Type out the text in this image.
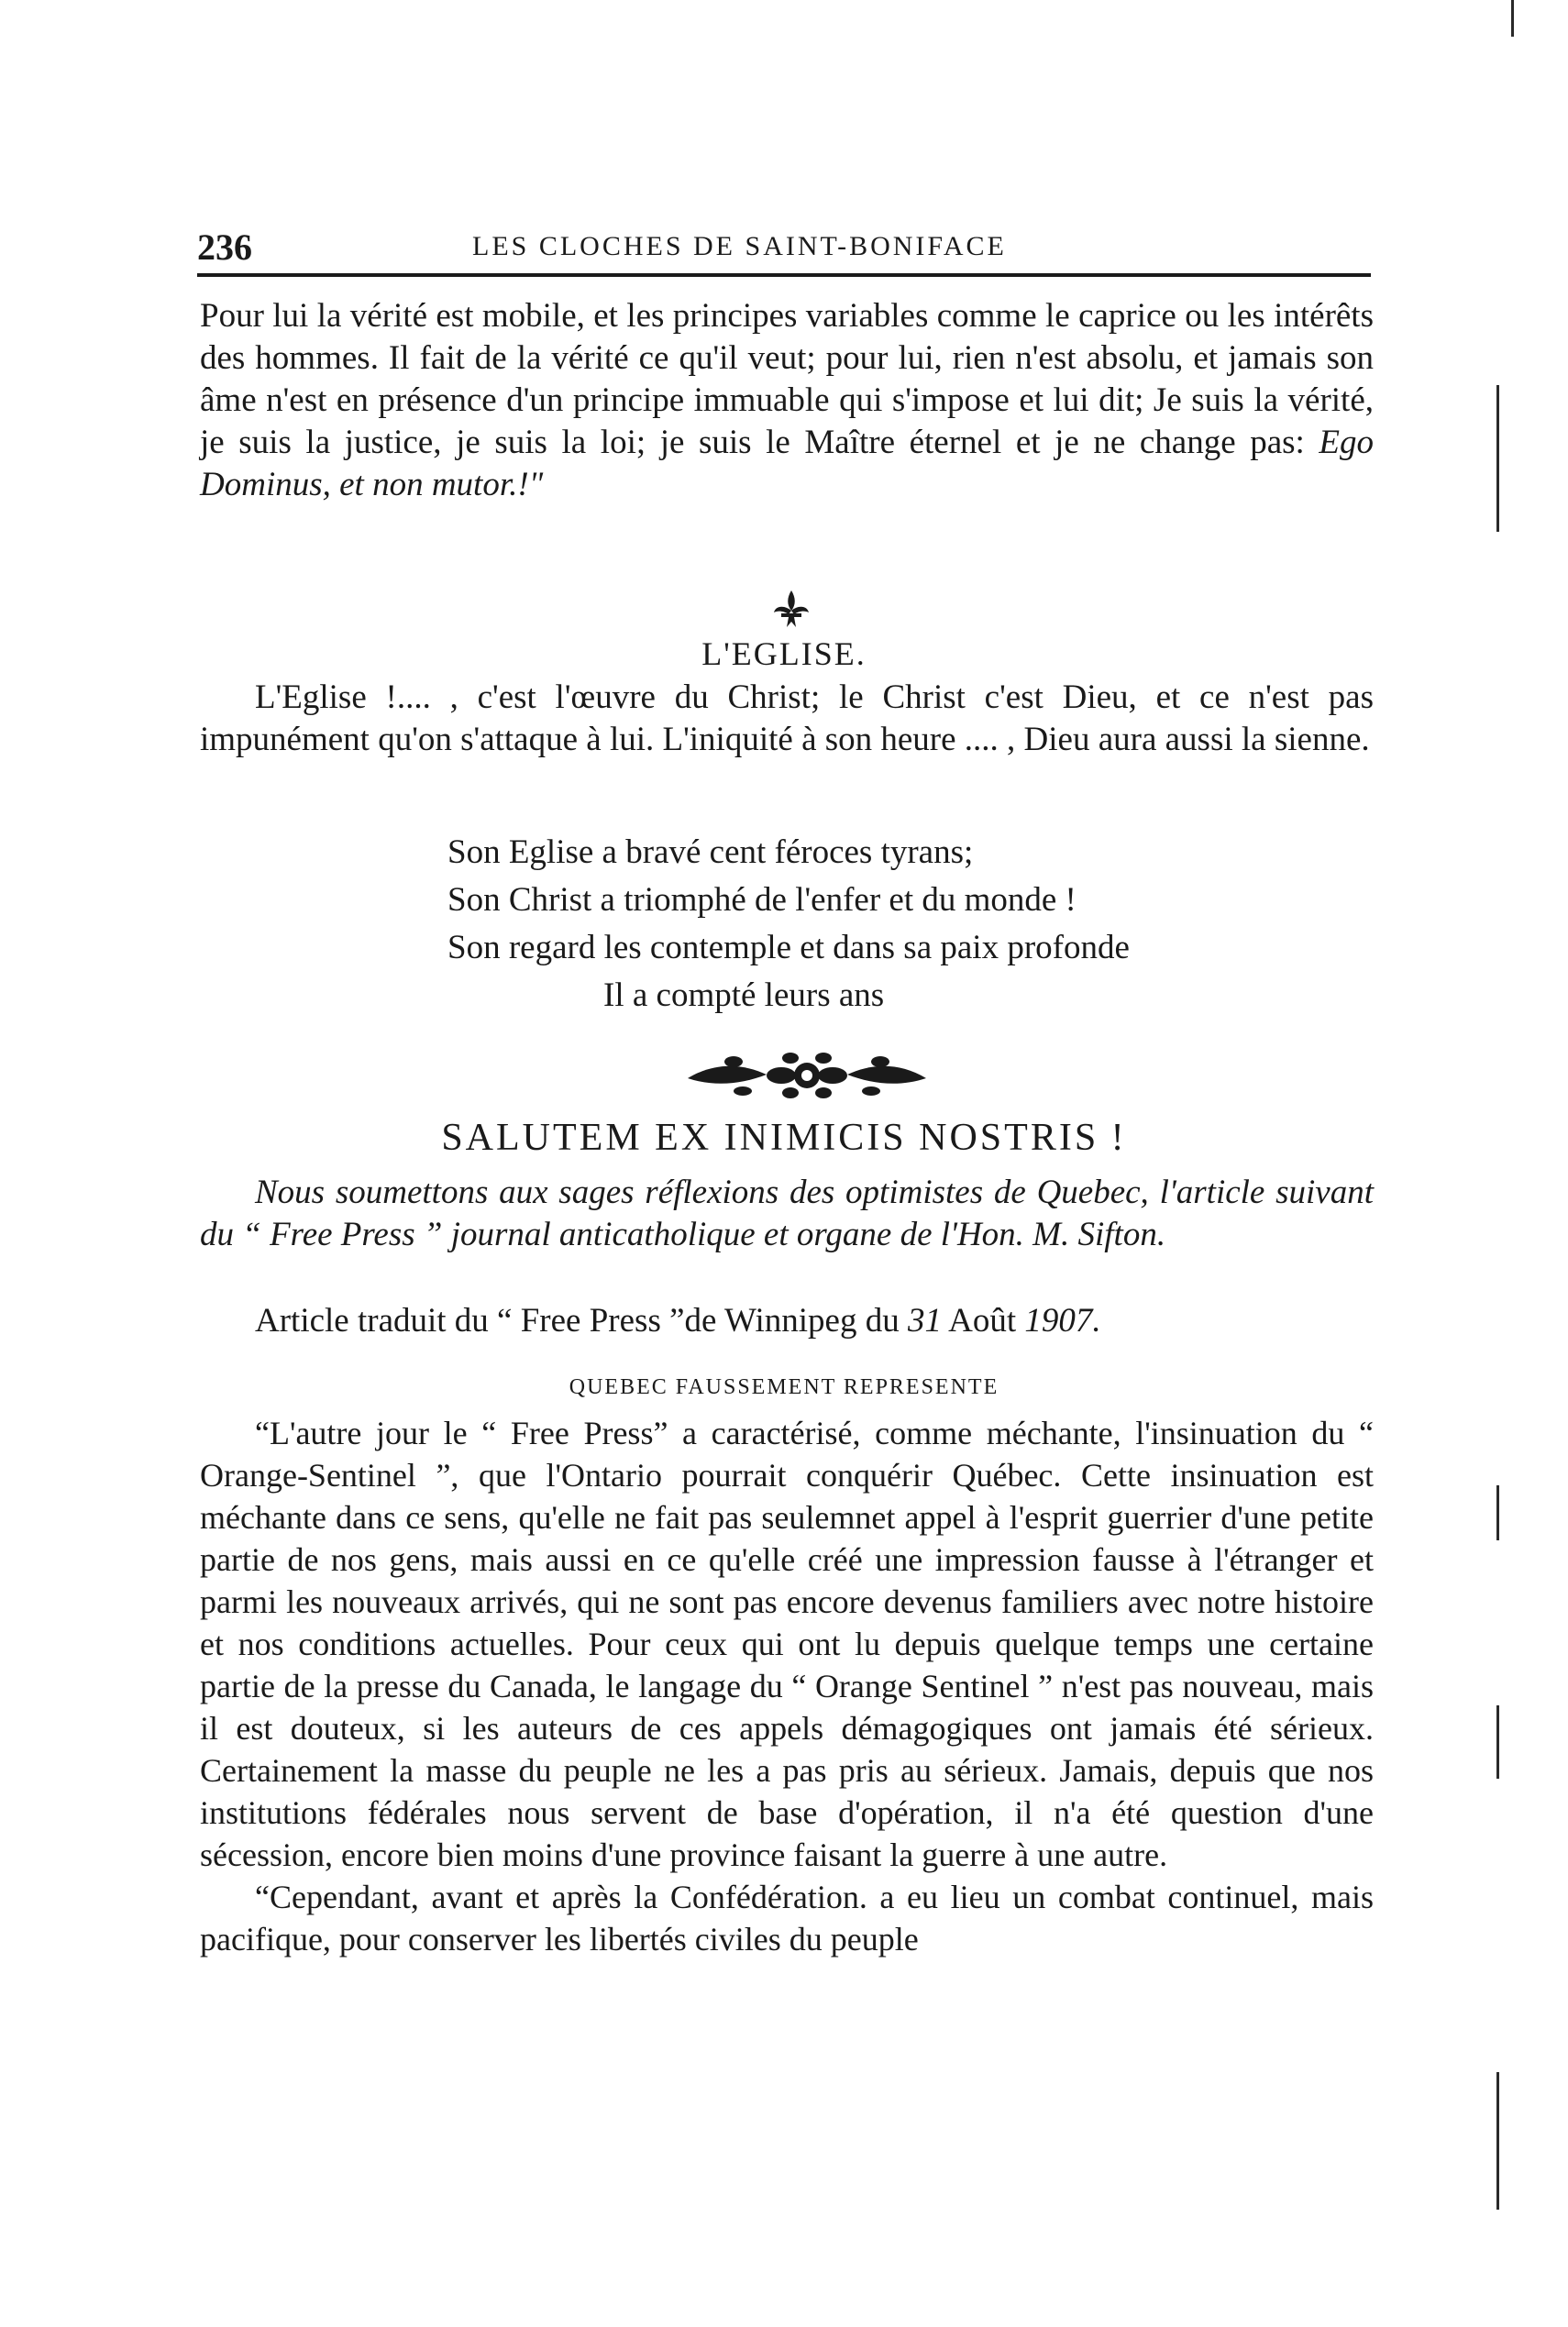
236	LES CLOCHES DE SAINT-BONIFACE

Pour lui la vérité est mobile, et les principes variables comme le caprice ou les intérêts des hommes. Il fait de la vérité ce qu'il veut; pour lui, rien n'est absolu, et jamais son âme n'est en présence d'un principe immuable qui s'impose et lui dit; Je suis la vérité, je suis la justice, je suis la loi; je suis le Maître éternel et je ne change pas: Ego Dominus, et non mutor.!"

L'EGLISE.

L'Eglise !.... , c'est l'œuvre du Christ; le Christ c'est Dieu, et ce n'est pas impunément qu'on s'attaque à lui. L'iniquité à son heure .... , Dieu aura aussi la sienne.

Son Eglise a bravé cent féroces tyrans;
Son Christ a triomphé de l'enfer et du monde !
Son regard les contemple et dans sa paix profonde
Il a compté leurs ans
SALUTEM EX INIMICIS NOSTRIS !

Nous soumettons aux sages réflexions des optimistes de Quebec, l'article suivant du “ Free Press ” journal anticatholique et organe de l'Hon. M. Sifton.

Article traduit du “ Free Press ”de Winnipeg du 31 Août 1907.

QUEBEC FAUSSEMENT REPRESENTE

“L'autre jour le “ Free Press” a caractérisé, comme méchante, l'insinuation du “ Orange-Sentinel ”, que l'Ontario pourrait conquérir Québec. Cette insinuation est méchante dans ce sens, qu'elle ne fait pas seulemnet appel à l'esprit guerrier d'une petite partie de nos gens, mais aussi en ce qu'elle créé une impression fausse à l'étranger et parmi les nouveaux arrivés, qui ne sont pas encore devenus familiers avec notre histoire et nos conditions actuelles. Pour ceux qui ont lu depuis quelque temps une certaine partie de la presse du Canada, le langage du “ Orange Sentinel ” n'est pas nouveau, mais il est douteux, si les auteurs de ces appels démagogiques ont jamais été sérieux. Certainement la masse du peuple ne les a pas pris au sérieux. Jamais, depuis que nos institutions fédérales nous servent de base d'opération, il n'a été question d'une sécession, encore bien moins d'une province faisant la guerre à une autre.

“Cependant, avant et après la Confédération. a eu lieu un combat continuel, mais pacifique, pour conserver les libertés civiles du peuple
